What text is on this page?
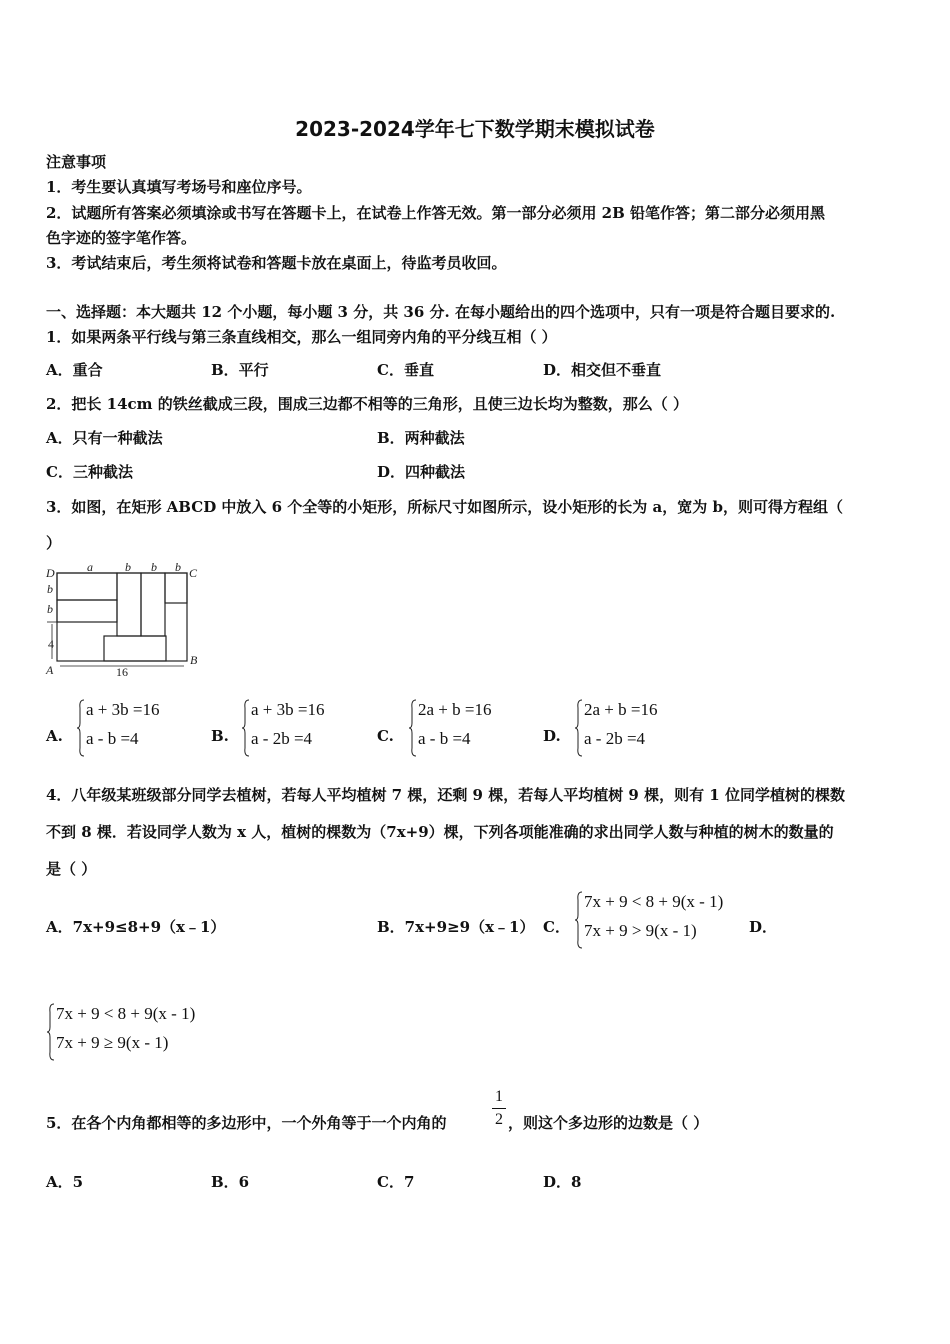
2023-2024学年七下数学期末模拟试卷
注意事项
1．考生要认真填写考场号和座位序号。
2．试题所有答案必须填涂或书写在答题卡上，在试卷上作答无效。第一部分必须用 2B 铅笔作答；第二部分必须用黑
色字迹的签字笔作答。
3．考试结束后，考生须将试卷和答题卡放在桌面上，待监考员收回。
一、选择题：本大题共 12 个小题，每小题 3 分，共 36 分. 在每小题给出的四个选项中，只有一项是符合题目要求的.
1．如果两条平行线与第三条直线相交，那么一组同旁内角的平分线互相（ ）
A．重合	B．平行	C．垂直	D．相交但不垂直
2．把长 14cm 的铁丝截成三段，围成三边都不相等的三角形，且使三边长均为整数，那么（ ）
A．只有一种截法	B．两种截法
C．三种截法	D．四种截法
3．如图，在矩形 ABCD 中放入 6 个全等的小矩形，所标尺寸如图所示，设小矩形的长为 a，宽为 b，则可得方程组（
）
D	C
A
B
a	b b b
b
b
4
16
A.
a + 3b =16
a - b =4	B.
a + 3b =16
a - 2b =4	C.
2a + b =16
a - b =4	D.
2a + b =16
a - 2b =4
4．八年级某班级部分同学去植树，若每人平均植树 7 棵，还剩 9 棵，若每人平均植树 9 棵，则有 1 位同学植树的棵数
不到 8 棵．若设同学人数为 x 人，植树的棵数为（7x+9）棵，下列各项能准确的求出同学人数与种植的树木的数量的
是（ ）
A．7x+9≤8+9（x﹣1）	B．7x+9≥9（x﹣1） C．
7x + 9 < 8 + 9(x - 1)
7x + 9 > 9(x - 1)	D．
7x + 9 < 8 + 9(x - 1)
7x + 9 ≥ 9(x - 1)
5．在各个内角都相等的多边形中，一个外角等于一个内角的
1
2 ，则这个多边形的边数是（ ）
A．5	B．6	C．7	D．8
